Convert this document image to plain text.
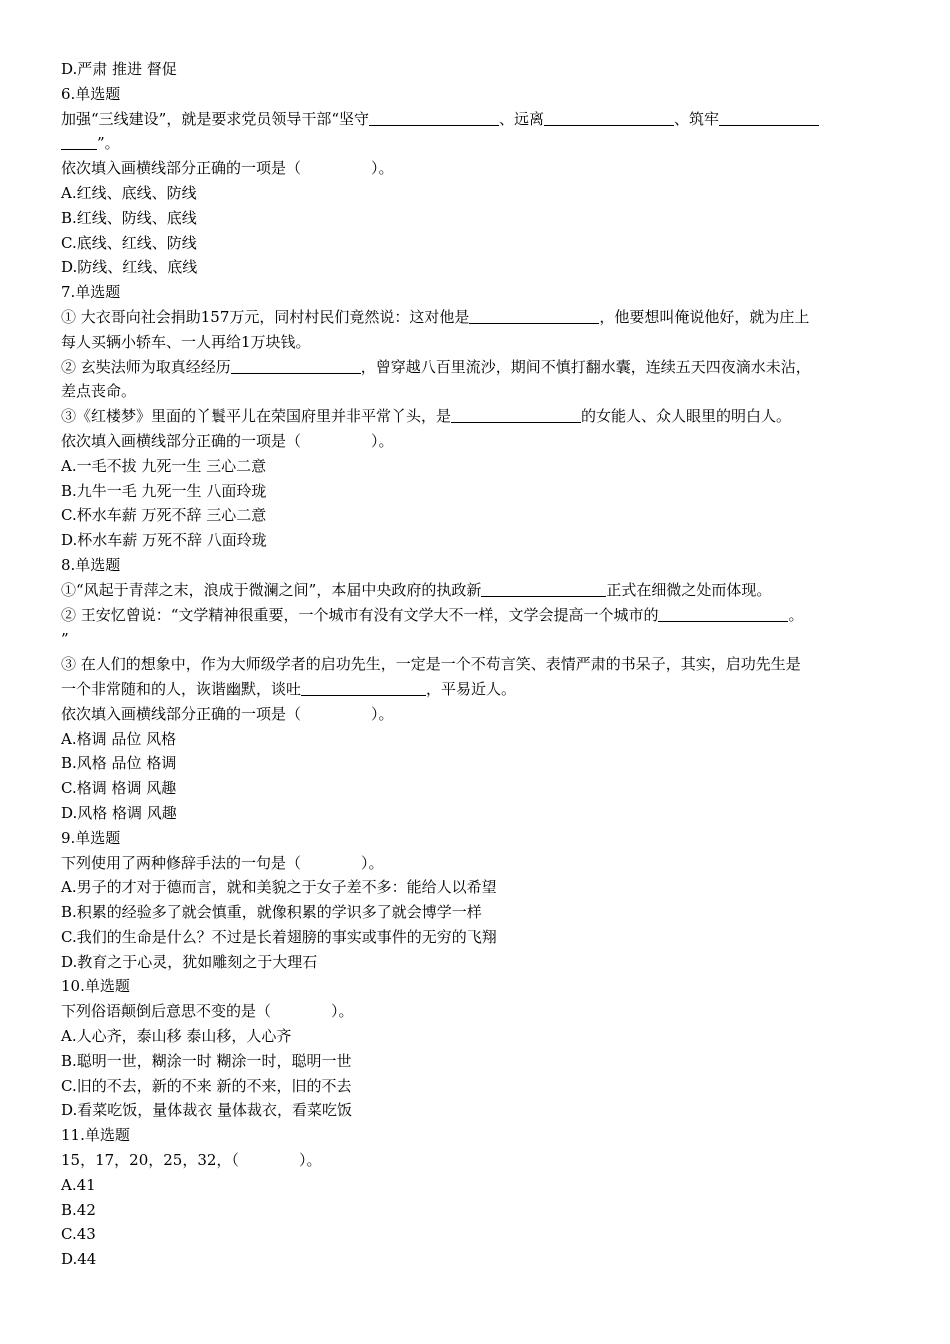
D.严肃 推进 督促
6.单选题
加强“三线建设”，就是要求党员领导干部“坚守	、远离	、筑牢
”。
依次填入画横线部分正确的一项是（	）。
A.红线、底线、防线
B.红线、防线、底线
C.底线、红线、防线
D.防线、红线、底线
7.单选题
① 大衣哥向社会捐助157万元，同村村民们竟然说：这对他是	，他要想叫俺说他好，就为庄上
每人买辆小轿车、一人再给1万块钱。
② 玄奘法师为取真经经历	，曾穿越八百里流沙，期间不慎打翻水囊，连续五天四夜滴水未沾，
差点丧命。
③《红楼梦》里面的丫鬟平儿在荣国府里并非平常丫头，是	的女能人、众人眼里的明白人。
依次填入画横线部分正确的一项是（	）。
A.一毛不拔 九死一生 三心二意
B.九牛一毛 九死一生 八面玲珑
C.杯水车薪 万死不辞 三心二意
D.杯水车薪 万死不辞 八面玲珑
8.单选题
①“风起于青萍之末，浪成于微澜之间”，本届中央政府的执政新	正式在细微之处而体现。
② 王安忆曾说：“文学精神很重要，一个城市有没有文学大不一样，文学会提高一个城市的	。
”
③ 在人们的想象中，作为大师级学者的启功先生，一定是一个不苟言笑、表情严肃的书呆子，其实，启功先生是
一个非常随和的人，诙谐幽默，谈吐	，平易近人。
依次填入画横线部分正确的一项是（	）。
A.格调 品位 风格
B.风格 品位 格调
C.格调 格调 风趣
D.风格 格调 风趣
9.单选题
下列使用了两种修辞手法的一句是（	）。
A.男子的才对于德而言，就和美貌之于女子差不多：能给人以希望
B.积累的经验多了就会慎重，就像积累的学识多了就会博学一样
C.我们的生命是什么？不过是长着翅膀的事实或事件的无穷的飞翔
D.教育之于心灵，犹如雕刻之于大理石
10.单选题
下列俗语颠倒后意思不变的是（	）。
A.人心齐，泰山移 泰山移，人心齐
B.聪明一世，糊涂一时 糊涂一时，聪明一世
C.旧的不去，新的不来 新的不来，旧的不去
D.看菜吃饭，量体裁衣 量体裁衣，看菜吃饭
11.单选题
15，17，20，25，32，（	）。
A.41
B.42
C.43
D.44
